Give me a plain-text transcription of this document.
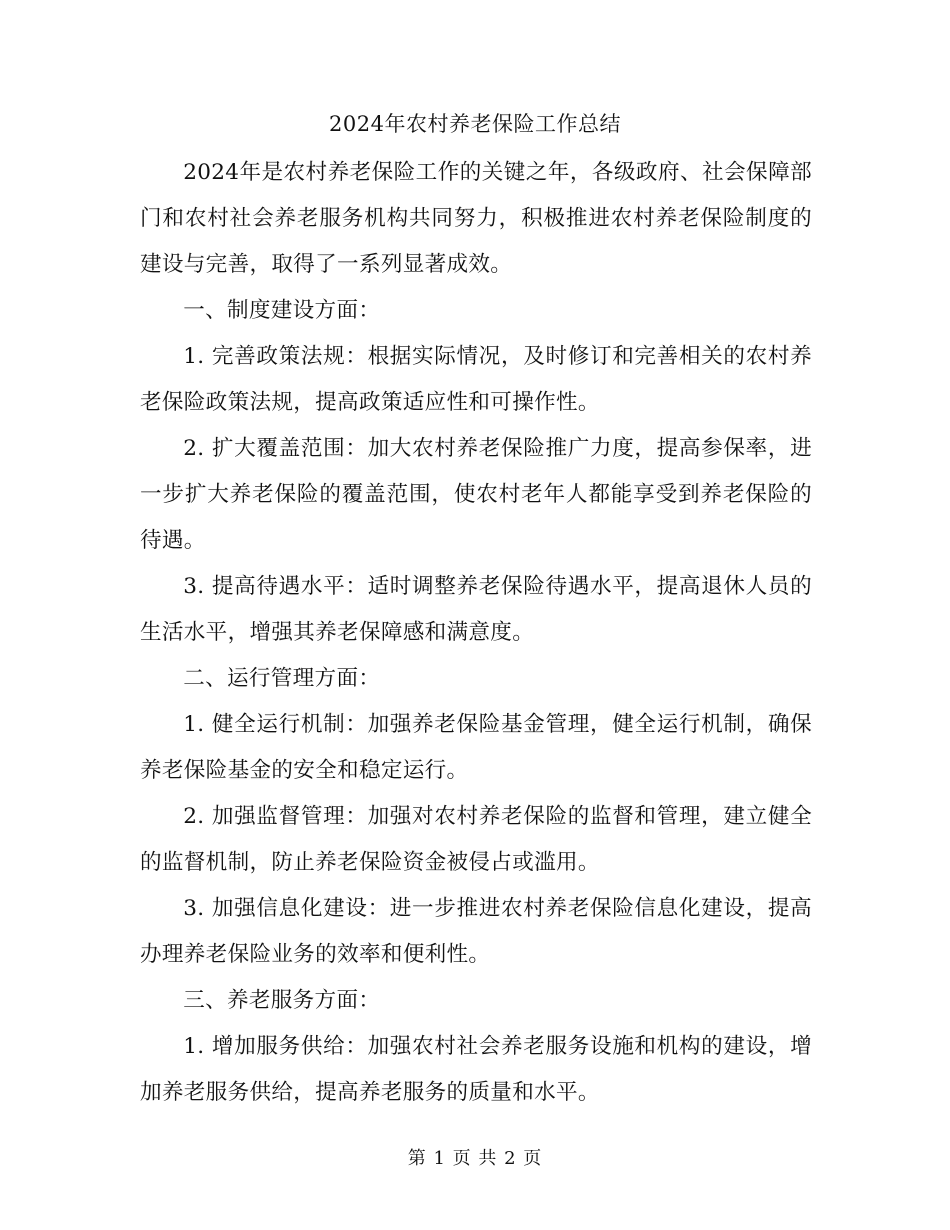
2024年农村养老保险工作总结

2024年是农村养老保险工作的关键之年，各级政府、社会保障部门和农村社会养老服务机构共同努力，积极推进农村养老保险制度的建设与完善，取得了一系列显著成效。

一、制度建设方面：

1. 完善政策法规：根据实际情况，及时修订和完善相关的农村养老保险政策法规，提高政策适应性和可操作性。

2. 扩大覆盖范围：加大农村养老保险推广力度，提高参保率，进一步扩大养老保险的覆盖范围，使农村老年人都能享受到养老保险的待遇。

3. 提高待遇水平：适时调整养老保险待遇水平，提高退休人员的生活水平，增强其养老保障感和满意度。

二、运行管理方面：

1. 健全运行机制：加强养老保险基金管理，健全运行机制，确保养老保险基金的安全和稳定运行。

2. 加强监督管理：加强对农村养老保险的监督和管理，建立健全的监督机制，防止养老保险资金被侵占或滥用。

3. 加强信息化建设：进一步推进农村养老保险信息化建设，提高办理养老保险业务的效率和便利性。

三、养老服务方面：

1. 增加服务供给：加强农村社会养老服务设施和机构的建设，增加养老服务供给，提高养老服务的质量和水平。

第 1 页 共 2 页
